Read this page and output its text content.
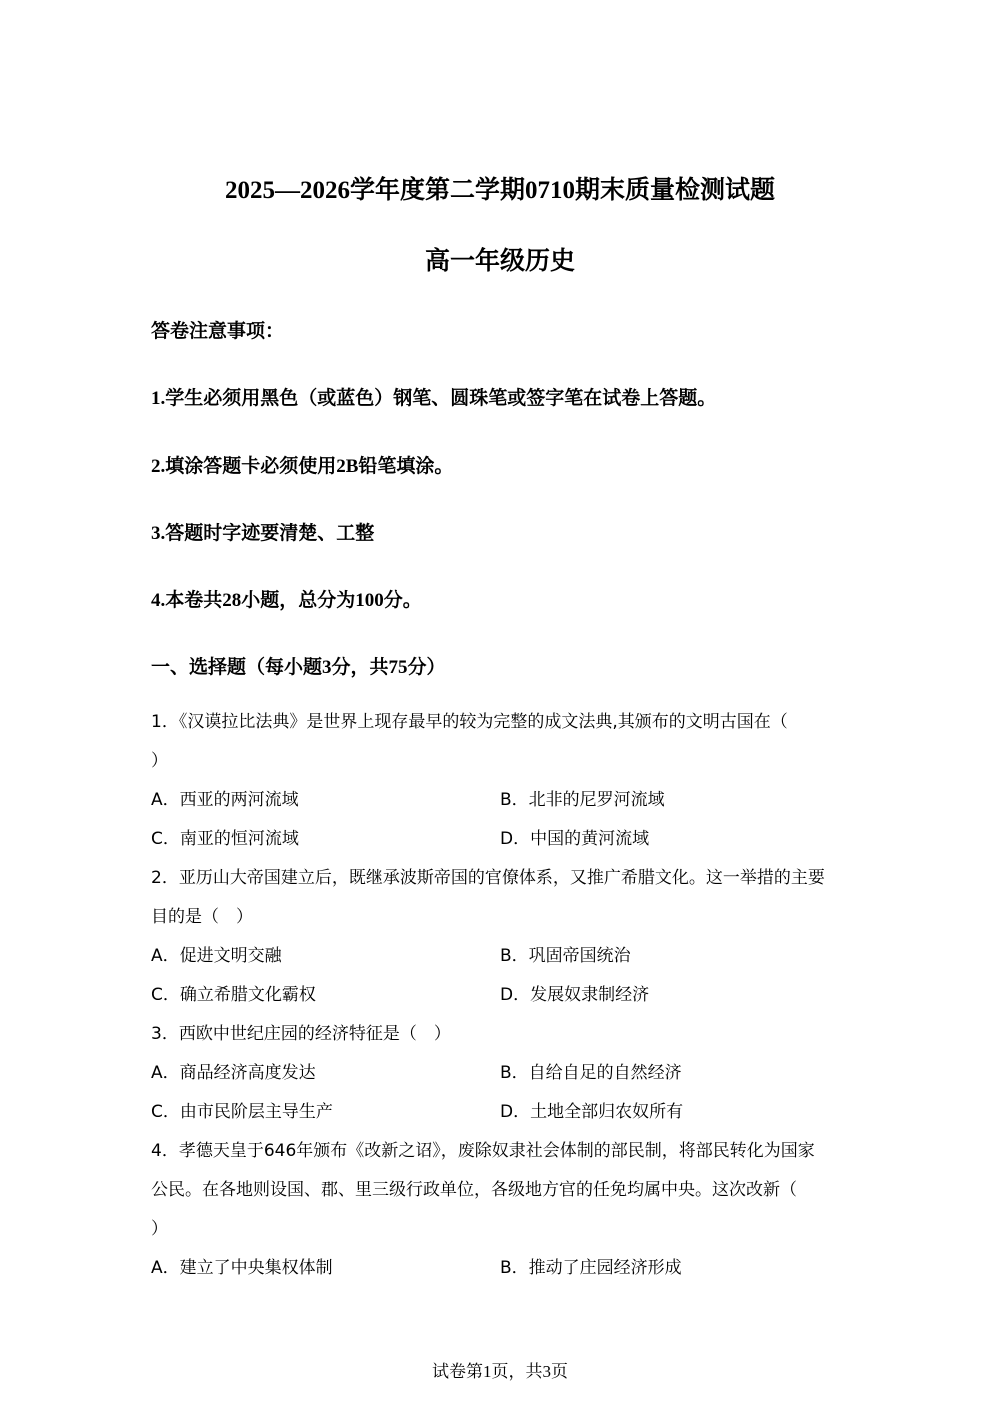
2025—2026学年度第二学期0710期末质量检测试题
高一年级历史
答卷注意事项：
1.学生必须用黑色（或蓝色）钢笔、圆珠笔或签字笔在试卷上答题。
2.填涂答题卡必须使用2B铅笔填涂。
3.答题时字迹要清楚、工整
4.本卷共28小题，总分为100分。
一、选择题（每小题3分，共75分）
1．《汉谟拉比法典》是世界上现存最早的较为完整的成文法典,其颁布的文明古国在（
）
A．西亚的两河流域	B．北非的尼罗河流域
C．南亚的恒河流域	D．中国的黄河流域
2．亚历山大帝国建立后，既继承波斯帝国的官僚体系，又推广希腊文化。这一举措的主要
目的是（　）
A．促进文明交融	B．巩固帝国统治
C．确立希腊文化霸权	D．发展奴隶制经济
3．西欧中世纪庄园的经济特征是（　）
A．商品经济高度发达	B．自给自足的自然经济
C．由市民阶层主导生产	D．土地全部归农奴所有
4．孝德天皇于646年颁布《改新之诏》，废除奴隶社会体制的部民制，将部民转化为国家
公民。在各地则设国、郡、里三级行政单位，各级地方官的任免均属中央。这次改新（
）
A．建立了中央集权体制	B．推动了庄园经济形成
试卷第1页，共3页
